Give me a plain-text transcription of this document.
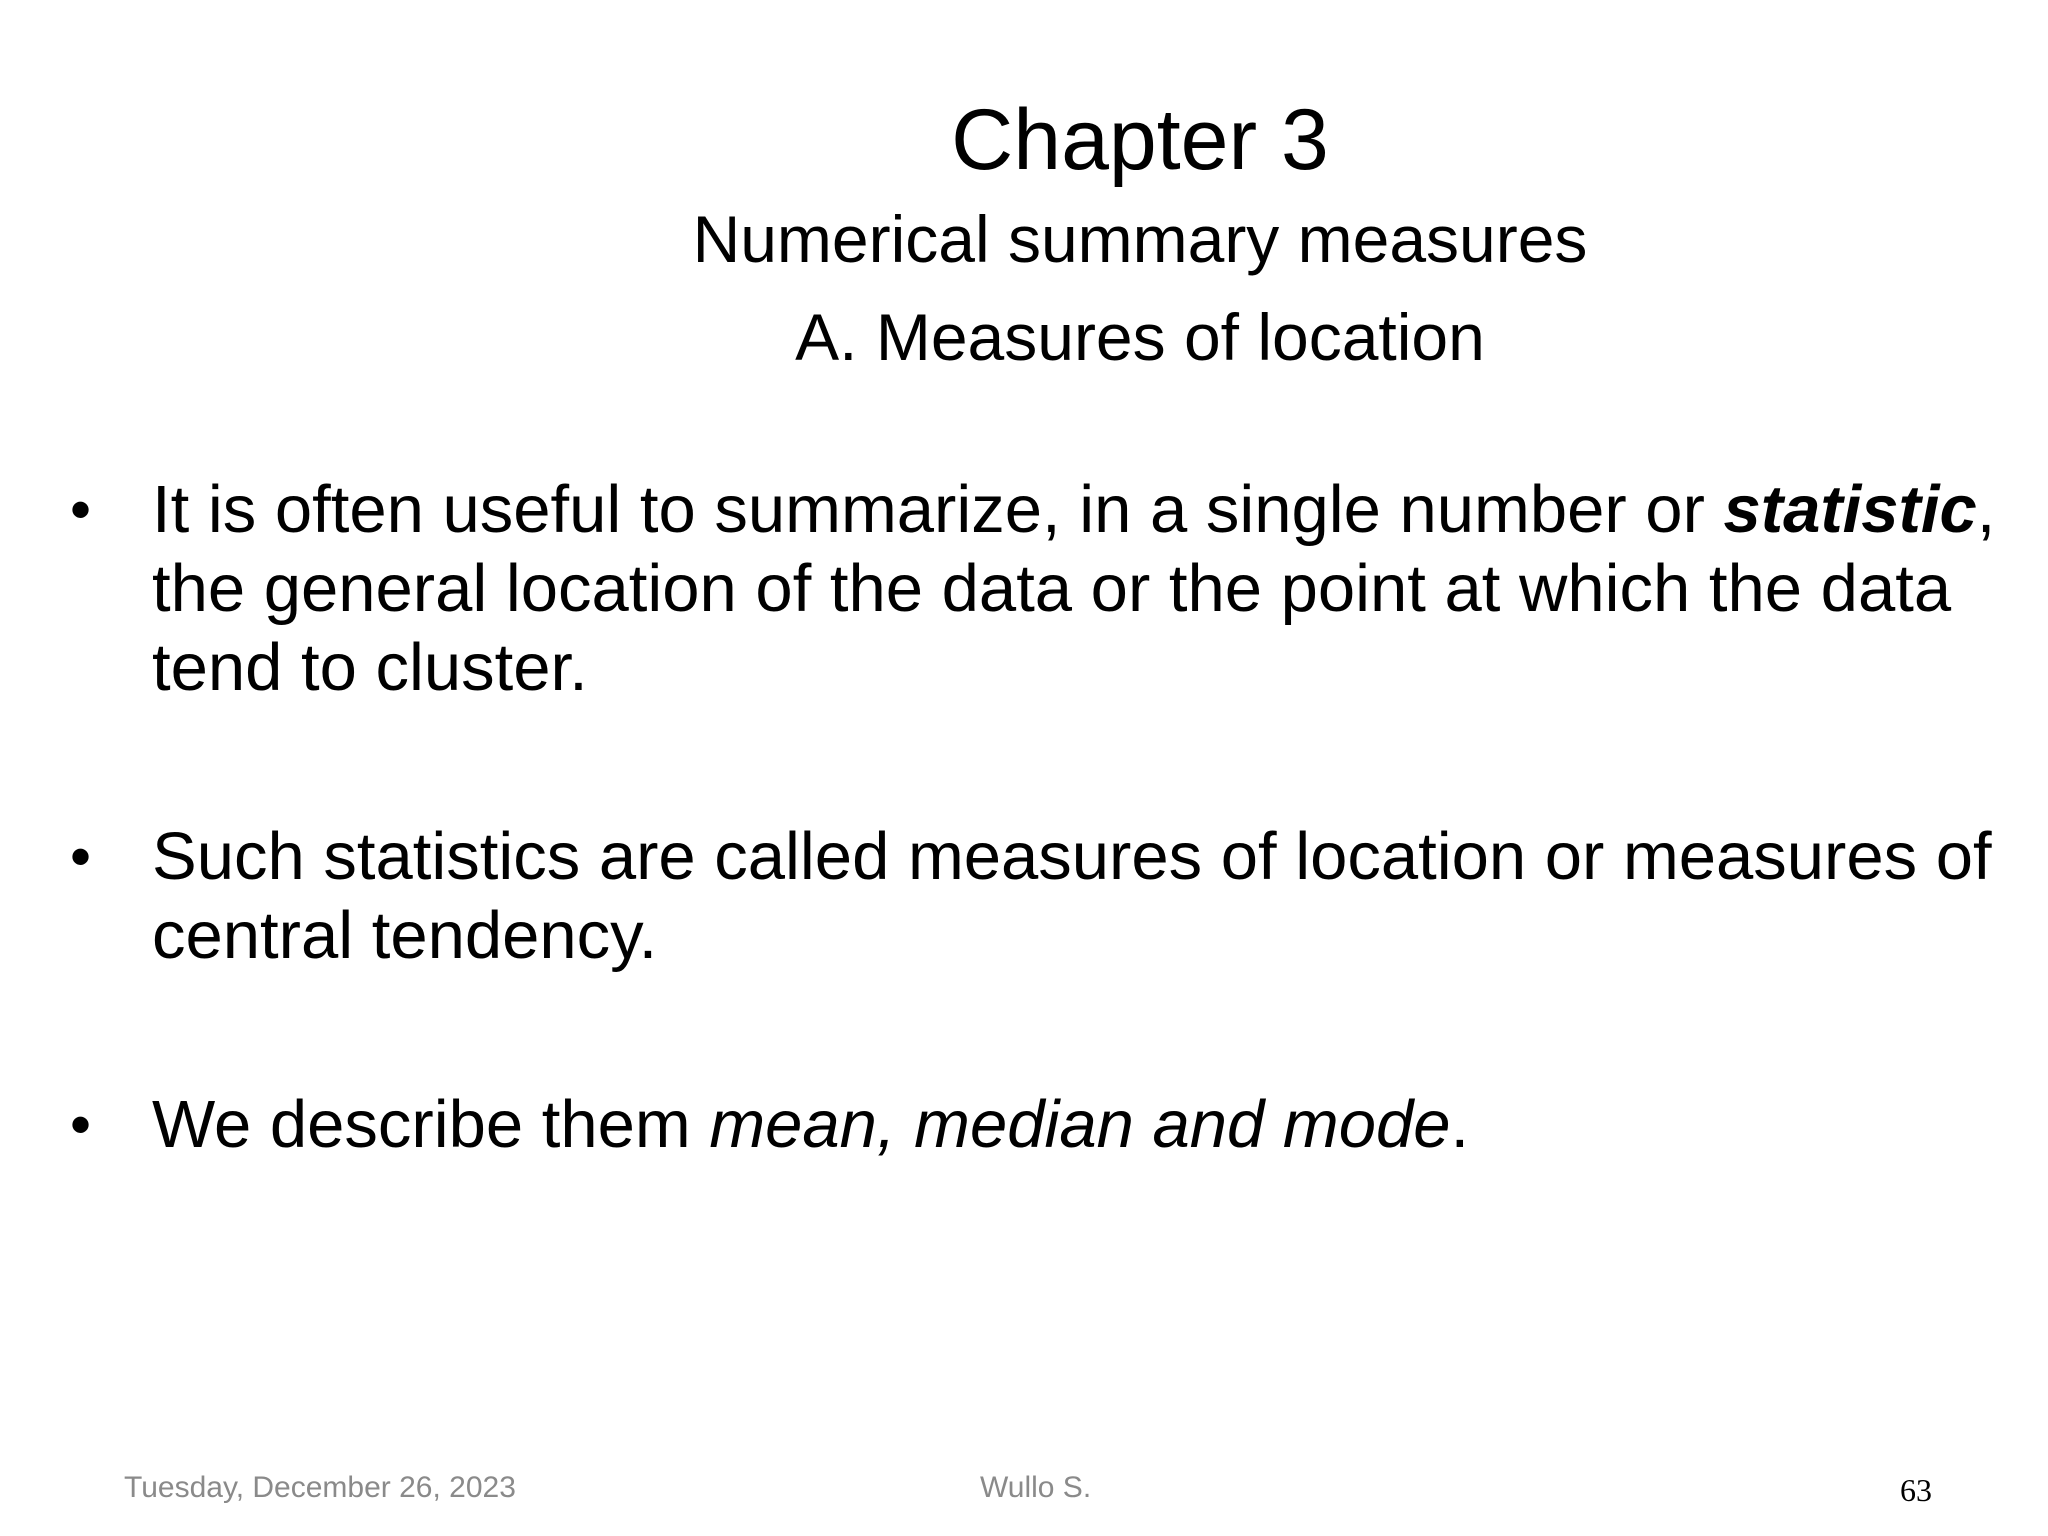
Chapter 3
Numerical summary measures
A. Measures of location
• It is often useful to summarize, in a single number or statistic, the general location of the data or the point at which the data tend to cluster.
• Such statistics are called measures of location or measures of central tendency.
• We describe them mean, median and mode.
Tuesday, December 26, 2023	Wullo S.	63
